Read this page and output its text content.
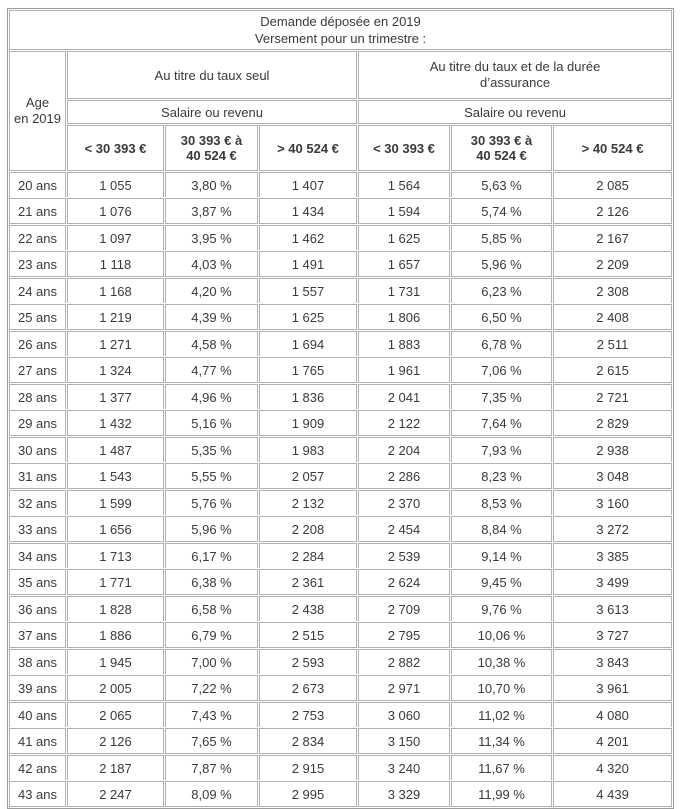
Demande déposée en 2019
Versement pour un trimestre :						

Age en 2019	Au titre du taux seul			Au titre du taux et de la durée d’assurance		
	Salaire ou revenu			Salaire ou revenu		
	< 30 393 €	30 393 € à 40 524 €	> 40 524 €	< 30 393 €	30 393 € à 40 524 €	> 40 524 €
20 ans	1 055	3,80 %	1 407	1 564	5,63 %	2 085
21 ans	1 076	3,87 %	1 434	1 594	5,74 %	2 126
22 ans	1 097	3,95 %	1 462	1 625	5,85 %	2 167
23 ans	1 118	4,03 %	1 491	1 657	5,96 %	2 209
24 ans	1 168	4,20 %	1 557	1 731	6,23 %	2 308
25 ans	1 219	4,39 %	1 625	1 806	6,50 %	2 408
26 ans	1 271	4,58 %	1 694	1 883	6,78 %	2 511
27 ans	1 324	4,77 %	1 765	1 961	7,06 %	2 615
28 ans	1 377	4,96 %	1 836	2 041	7,35 %	2 721
29 ans	1 432	5,16 %	1 909	2 122	7,64 %	2 829
30 ans	1 487	5,35 %	1 983	2 204	7,93 %	2 938
31 ans	1 543	5,55 %	2 057	2 286	8,23 %	3 048
32 ans	1 599	5,76 %	2 132	2 370	8,53 %	3 160
33 ans	1 656	5,96 %	2 208	2 454	8,84 %	3 272
34 ans	1 713	6,17 %	2 284	2 539	9,14 %	3 385
35 ans	1 771	6,38 %	2 361	2 624	9,45 %	3 499
36 ans	1 828	6,58 %	2 438	2 709	9,76 %	3 613
37 ans	1 886	6,79 %	2 515	2 795	10,06 %	3 727
38 ans	1 945	7,00 %	2 593	2 882	10,38 %	3 843
39 ans	2 005	7,22 %	2 673	2 971	10,70 %	3 961
40 ans	2 065	7,43 %	2 753	3 060	11,02 %	4 080
41 ans	2 126	7,65 %	2 834	3 150	11,34 %	4 201
42 ans	2 187	7,87 %	2 915	3 240	11,67 %	4 320
43 ans	2 247	8,09 %	2 995	3 329	11,99 %	4 439
